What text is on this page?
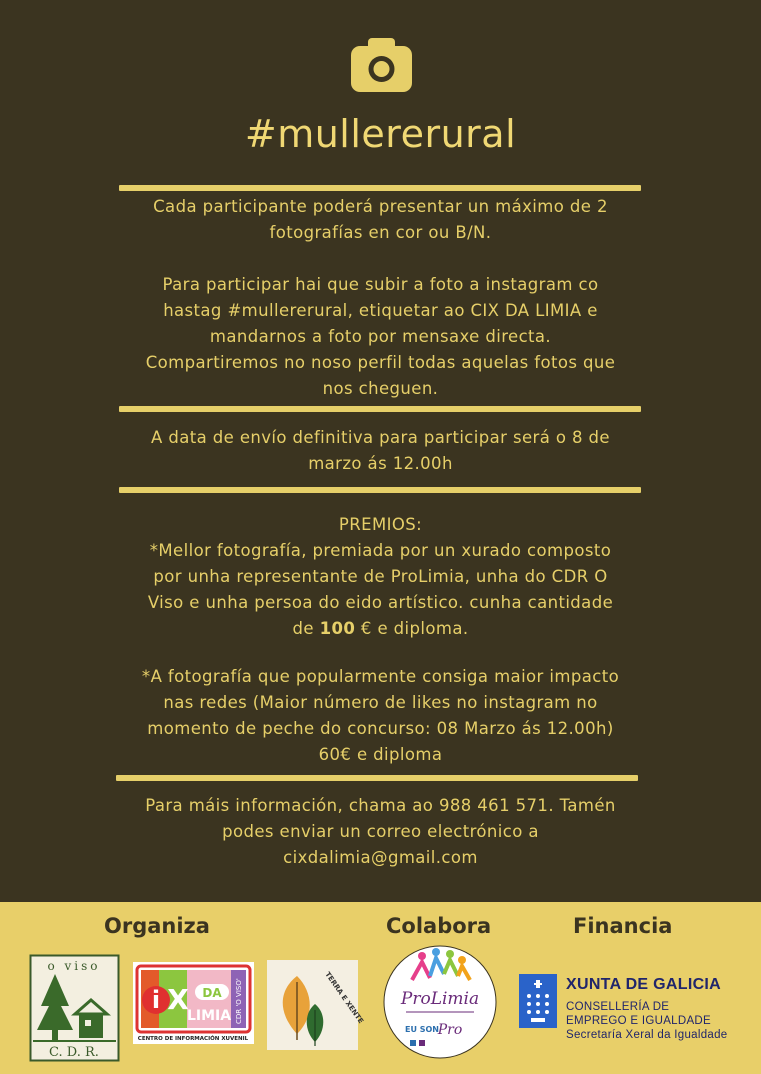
#mullererural

Cada participante poderá presentar un máximo de 2

fotografías en cor ou B/N.

Para participar hai que subir a foto a instagram co

hastag #mullererural, etiquetar ao CIX DA LIMIA e

mandarnos a foto por mensaxe directa.

Compartiremos no noso perfil todas aquelas fotos que

nos cheguen.

A data de envío definitiva para participar será o 8 de

marzo ás 12.00h

PREMIOS:

*Mellor fotografía, premiada por un xurado composto

por unha representante de ProLimia, unha do CDR O

Viso e unha persoa do eido artístico. cunha cantidade

de 100 € e diploma.

*A fotografía que popularmente consiga maior impacto

nas redes (Maior número de likes no instagram no

momento de peche do concurso: 08 Marzo ás 12.00h)

60€ e diploma

Para máis información, chama ao 988 461 571. Tamén

podes enviar un correo electrónico a

cixdalimia@gmail.com

Organiza	Colabora	Financia
o viso
C. D. R.
i X DA
LIMIA CDR 'O VISO'
CENTRO DE INFORMACIÓN XUVENIL
TERRA E XENTE ProLimia
EU SON
Pro
XUNTA DE GALICIA
CONSELLERÍA DE
EMPREGO E IGUALDADE
Secretaría Xeral da Igualdade
